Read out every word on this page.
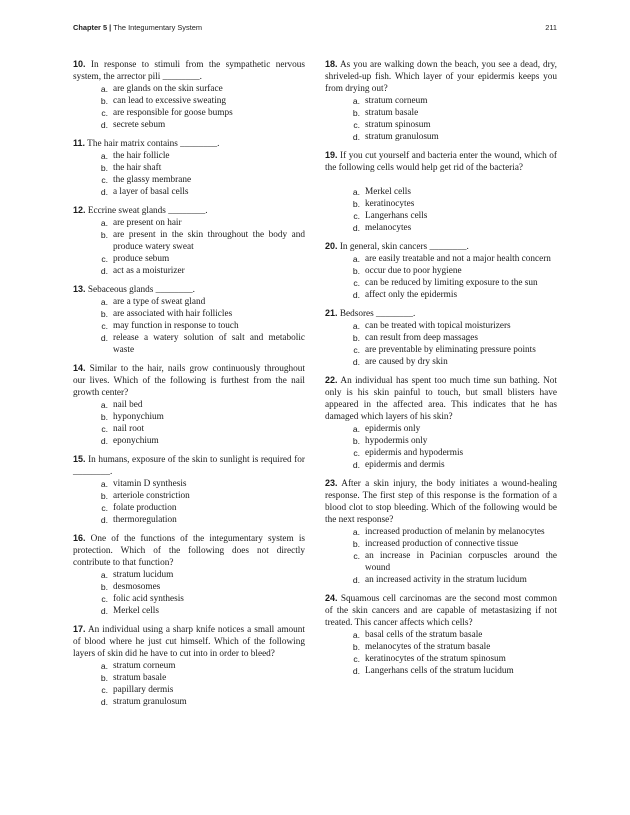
Chapter 5 | The Integumentary System	211

10. In response to stimuli from the sympathetic nervous system, the arrector pili ________.

a. are glands on the skin surface
b. can lead to excessive sweating
c. are responsible for goose bumps
d. secrete sebum

11. The hair matrix contains ________.

a. the hair follicle
b. the hair shaft
c. the glassy membrane
d. a layer of basal cells

12. Eccrine sweat glands ________.

a. are present on hair
b. are present in the skin throughout the body and produce watery sweat
c. produce sebum
d. act as a moisturizer

13. Sebaceous glands ________.

a. are a type of sweat gland
b. are associated with hair follicles
c. may function in response to touch
d. release a watery solution of salt and metabolic waste

14. Similar to the hair, nails grow continuously throughout our lives. Which of the following is furthest from the nail growth center?

a. nail bed
b. hyponychium
c. nail root
d. eponychium

15. In humans, exposure of the skin to sunlight is required for ________.

a. vitamin D synthesis
b. arteriole constriction
c. folate production
d. thermoregulation

16. One of the functions of the integumentary system is protection. Which of the following does not directly contribute to that function?

a. stratum lucidum
b. desmosomes
c. folic acid synthesis
d. Merkel cells

17. An individual using a sharp knife notices a small amount of blood where he just cut himself. Which of the following layers of skin did he have to cut into in order to bleed?

a. stratum corneum
b. stratum basale
c. papillary dermis
d. stratum granulosum

18. As you are walking down the beach, you see a dead, dry, shriveled-up fish. Which layer of your epidermis keeps you from drying out?

a. stratum corneum
b. stratum basale
c. stratum spinosum
d. stratum granulosum

19. If you cut yourself and bacteria enter the wound, which of the following cells would help get rid of the bacteria?

a. Merkel cells
b. keratinocytes
c. Langerhans cells
d. melanocytes

20. In general, skin cancers ________.

a. are easily treatable and not a major health concern
b. occur due to poor hygiene
c. can be reduced by limiting exposure to the sun
d. affect only the epidermis

21. Bedsores ________.

a. can be treated with topical moisturizers
b. can result from deep massages
c. are preventable by eliminating pressure points
d. are caused by dry skin

22. An individual has spent too much time sun bathing. Not only is his skin painful to touch, but small blisters have appeared in the affected area. This indicates that he has damaged which layers of his skin?

a. epidermis only
b. hypodermis only
c. epidermis and hypodermis
d. epidermis and dermis

23. After a skin injury, the body initiates a wound-healing response. The first step of this response is the formation of a blood clot to stop bleeding. Which of the following would be the next response?

a. increased production of melanin by melanocytes
b. increased production of connective tissue
c. an increase in Pacinian corpuscles around the wound
d. an increased activity in the stratum lucidum

24. Squamous cell carcinomas are the second most common of the skin cancers and are capable of metastasizing if not treated. This cancer affects which cells?

a. basal cells of the stratum basale
b. melanocytes of the stratum basale
c. keratinocytes of the stratum spinosum
d. Langerhans cells of the stratum lucidum
